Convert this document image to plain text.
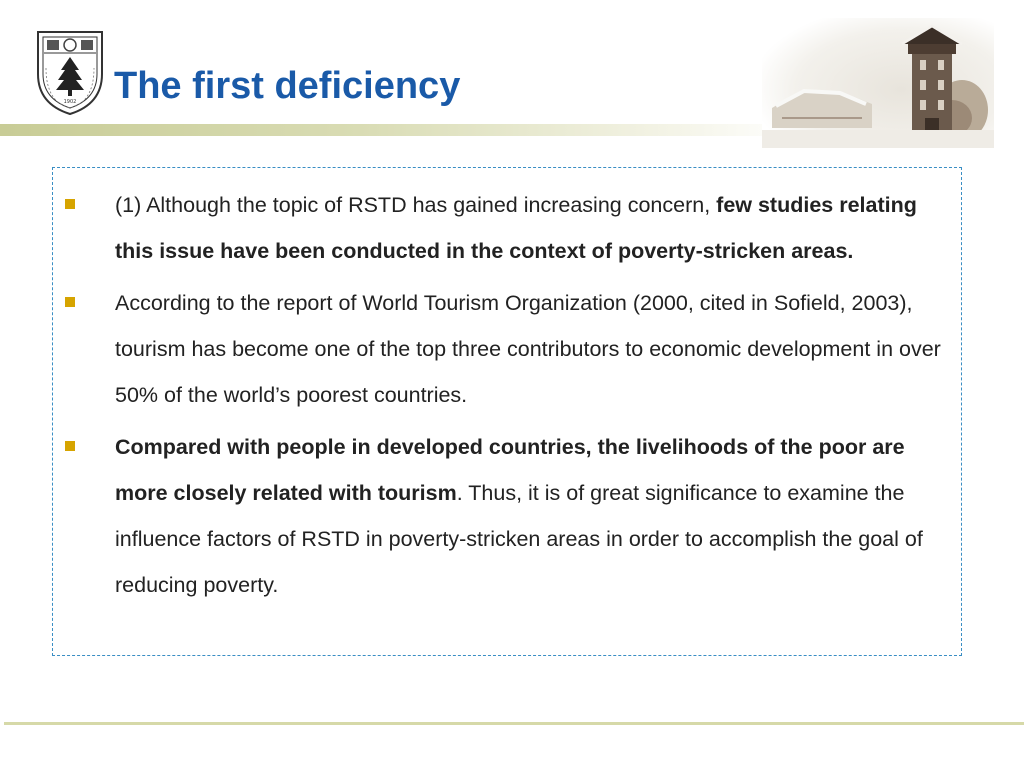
1902 The first deficiency
(1) Although the topic of RSTD has gained increasing concern, few studies relating this issue have been conducted in the context of poverty-stricken areas.
According to the report of World Tourism Organization (2000, cited in Sofield, 2003), tourism has become one of the top three contributors to economic development in over 50% of the world’s poorest countries.
Compared with people in developed countries, the livelihoods of the poor are more closely related with tourism. Thus, it is of great significance to examine the influence factors of RSTD in poverty-stricken areas in order to accomplish the goal of reducing poverty.
